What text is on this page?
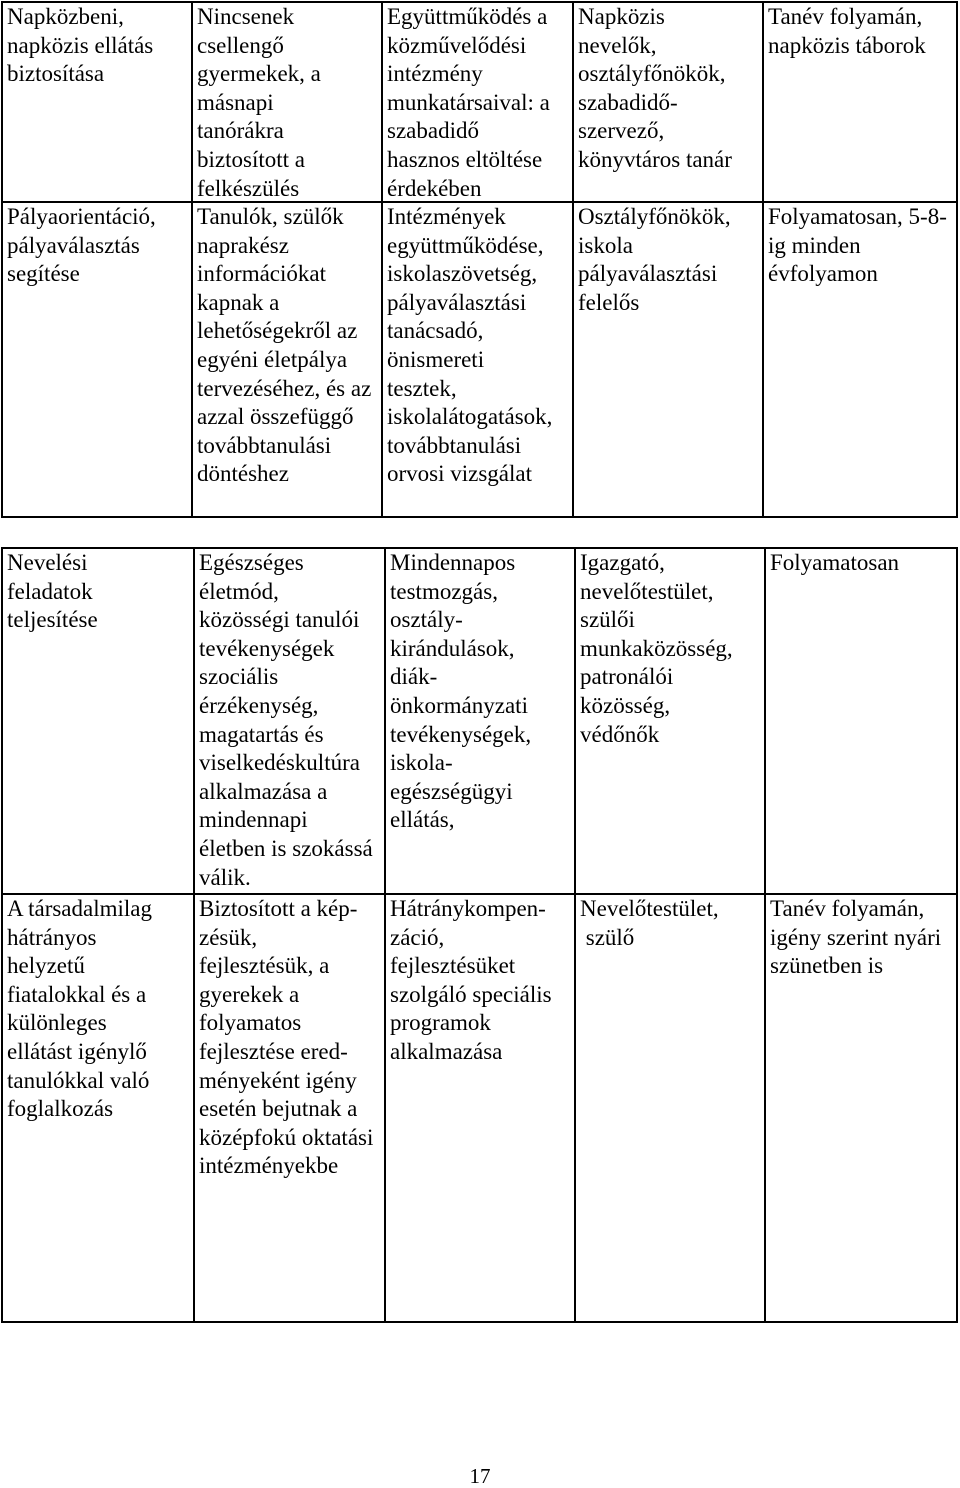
Napközbeni,
napközis ellátás
biztosítása
Nincsenek
csellengő
gyermekek, a
másnapi
tanórákra
biztosított a
felkészülés
Együttműködés a
közművelődési
intézmény
munkatársaival: a
szabadidő
hasznos eltöltése
érdekében
Napközis
nevelők,
osztályfőnökök,
szabadidő-
szervező,
könyvtáros tanár
Tanév folyamán,
napközis táborok
Pályaorientáció,
pályaválasztás
segítése
Tanulók, szülők
naprakész
információkat
kapnak a
lehetőségekről az
egyéni életpálya
tervezéséhez, és az
azzal összefüggő
továbbtanulási
döntéshez
Intézmények
együttműködése,
iskolaszövetség,
pályaválasztási
tanácsadó,
önismereti
tesztek,
iskolalátogatások,
továbbtanulási
orvosi vizsgálat
Osztályfőnökök,
iskola
pályaválasztási
felelős
Folyamatosan, 5-8-
ig minden
évfolyamon
Nevelési
feladatok
teljesítése
Egészséges
életmód,
közösségi tanulói
tevékenységek
szociális
érzékenység,
magatartás és
viselkedéskultúra
alkalmazása a
mindennapi
életben is szokássá
válik.
Mindennapos
testmozgás,
osztály-
kirándulások,
diák-
önkormányzati
tevékenységek,
iskola-
egészségügyi
ellátás,
Igazgató,
nevelőtestület,
szülői
munkaközösség,
patronálói
közösség,
védőnők
Folyamatosan
A társadalmilag
hátrányos
helyzetű
fiatalokkal és a
különleges
ellátást igénylő
tanulókkal való
foglalkozás
Biztosított a kép-
zésük,
fejlesztésük, a
gyerekek a
folyamatos
fejlesztése ered-
ményeként igény
esetén bejutnak a
középfokú oktatási
intézményekbe
Hátránykompen-
záció,
fejlesztésüket
szolgáló speciális
programok
alkalmazása
Nevelőtestület,
szülő
Tanév folyamán,
igény szerint nyári
szünetben is
17
